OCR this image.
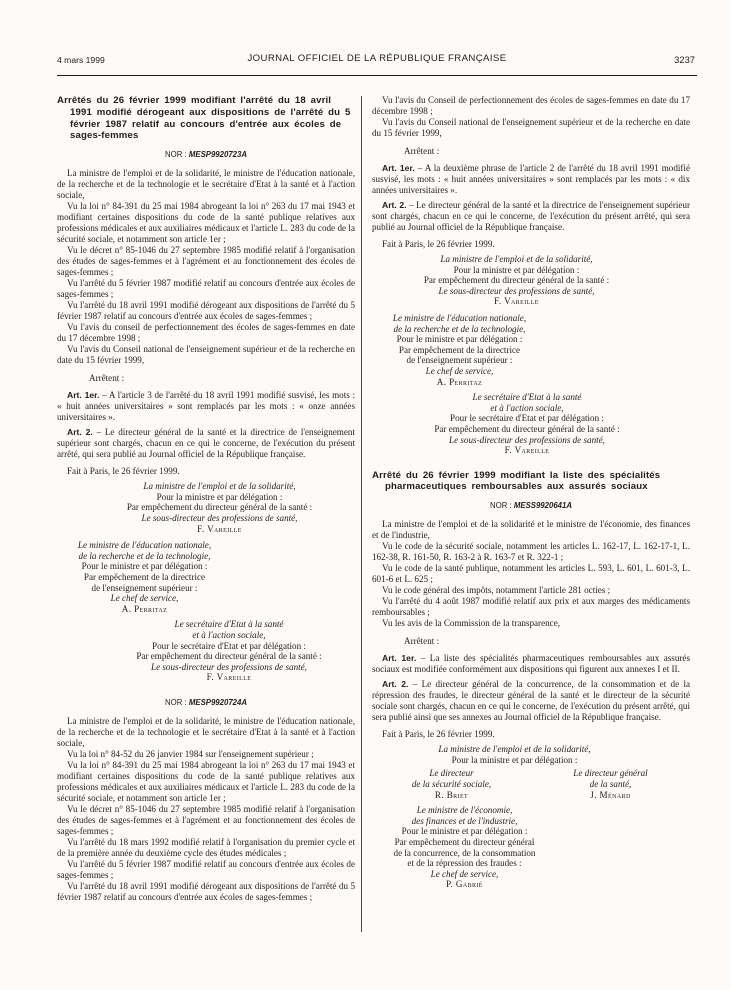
4 mars 1999	JOURNAL OFFICIEL DE LA RÉPUBLIQUE FRANÇAISE	3237
Arrêtés du 26 février 1999 modifiant l'arrêté du 18 avril 1991 modifié dérogeant aux dispositions de l'arrêté du 5 février 1987 relatif au concours d'entrée aux écoles de sages-femmes
NOR : MESP9920723A

La ministre de l'emploi et de la solidarité, le ministre de l'éducation nationale, de la recherche et de la technologie et le secrétaire d'Etat à la santé et à l'action sociale,

Vu la loi n° 84-391 du 25 mai 1984 abrogeant la loi n° 263 du 17 mai 1943 et modifiant certaines dispositions du code de la santé publique relatives aux professions médicales et aux auxiliaires médicaux et l'article L. 283 du code de la sécurité sociale, et notamment son article 1er ;

Vu le décret n° 85-1046 du 27 septembre 1985 modifié relatif à l'organisation des études de sages-femmes et à l'agrément et au fonctionnement des écoles de sages-femmes ;

Vu l'arrêté du 5 février 1987 modifié relatif au concours d'entrée aux écoles de sages-femmes ;

Vu l'arrêté du 18 avril 1991 modifié dérogeant aux dispositions de l'arrêté du 5 février 1987 relatif au concours d'entrée aux écoles de sages-femmes ;

Vu l'avis du conseil de perfectionnement des écoles de sages-femmes en date du 17 décembre 1998 ;

Vu l'avis du Conseil national de l'enseignement supérieur et de la recherche en date du 15 février 1999,

Arrêtent :

Art. 1er. – A l'article 3 de l'arrêté du 18 avril 1991 modifié susvisé, les mots : « huit années universitaires » sont remplacés par les mots : « onze années universitaires ».

Art. 2. – Le directeur général de la santé et la directrice de l'enseignement supérieur sont chargés, chacun en ce qui le concerne, de l'exécution du présent arrêté, qui sera publié au Journal officiel de la République française.

Fait à Paris, le 26 février 1999.

La ministre de l'emploi et de la solidarité,
Pour la ministre et par délégation :
Par empêchement du directeur général de la santé :
Le sous-directeur des professions de santé,
F. Vareille
Le ministre de l'éducation nationale,
de la recherche et de la technologie,
Pour le ministre et par délégation :
Par empêchement de la directrice
de l'enseignement supérieur :
Le chef de service,
A. Perritaz
Le secrétaire d'Etat à la santé
et à l'action sociale,
Pour le secrétaire d'Etat et par délégation :
Par empêchement du directeur général de la santé :
Le sous-directeur des professions de santé,
F. Vareille
NOR : MESP9920724A

La ministre de l'emploi et de la solidarité, le ministre de l'éducation nationale, de la recherche et de la technologie et le secrétaire d'Etat à la santé et à l'action sociale,

Vu la loi n° 84-52 du 26 janvier 1984 sur l'enseignement supérieur ;

Vu la loi n° 84-391 du 25 mai 1984 abrogeant la loi n° 263 du 17 mai 1943 et modifiant certaines dispositions du code de la santé publique relatives aux professions médicales et aux auxiliaires médicaux et l'article L. 283 du code de la sécurité sociale, et notamment son article 1er ;

Vu le décret n° 85-1046 du 27 septembre 1985 modifié relatif à l'organisation des études de sages-femmes et à l'agrément et au fonctionnement des écoles de sages-femmes ;

Vu l'arrêté du 18 mars 1992 modifié relatif à l'organisation du premier cycle et de la première année du deuxième cycle des études médicales ;

Vu l'arrêté du 5 février 1987 modifié relatif au concours d'entrée aux écoles de sages-femmes ;

Vu l'arrêté du 18 avril 1991 modifié dérogeant aux dispositions de l'arrêté du 5 février 1987 relatif au concours d'entrée aux écoles de sages-femmes ;

Vu l'avis du Conseil de perfectionnement des écoles de sages-femmes en date du 17 décembre 1998 ;

Vu l'avis du Conseil national de l'enseignement supérieur et de la recherche en date du 15 février 1999,

Arrêtent :

Art. 1er. – A la deuxième phrase de l'article 2 de l'arrêté du 18 avril 1991 modifié susvisé, les mots : « huit années universitaires » sont remplacés par les mots : « dix années universitaires ».

Art. 2. – Le directeur général de la santé et la directrice de l'enseignement supérieur sont chargés, chacun en ce qui le concerne, de l'exécution du présent arrêté, qui sera publié au Journal officiel de la République française.

Fait à Paris, le 26 février 1999.

La ministre de l'emploi et de la solidarité,
Pour la ministre et par délégation :
Par empêchement du directeur général de la santé :
Le sous-directeur des professions de santé,
F. Vareille
Le ministre de l'éducation nationale,
de la recherche et de la technologie,
Pour le ministre et par délégation :
Par empêchement de la directrice
de l'enseignement supérieur :
Le chef de service,
A. Perritaz
Le secrétaire d'Etat à la santé
et à l'action sociale,
Pour le secrétaire d'Etat et par délégation :
Par empêchement du directeur général de la santé :
Le sous-directeur des professions de santé,
F. Vareille
Arrêté du 26 février 1999 modifiant la liste des spécialités pharmaceutiques remboursables aux assurés sociaux
NOR : MESS9920641A

La ministre de l'emploi et de la solidarité et le ministre de l'économie, des finances et de l'industrie,

Vu le code de la sécurité sociale, notamment les articles L. 162-17, L. 162-17-1, L. 162-38, R. 161-50, R. 163-2 à R. 163-7 et R. 322-1 ;

Vu le code de la santé publique, notamment les articles L. 593, L. 601, L. 601-3, L. 601-6 et L. 625 ;

Vu le code général des impôts, notamment l'article 281 octies ;

Vu l'arrêté du 4 août 1987 modifié relatif aux prix et aux marges des médicaments remboursables ;

Vu les avis de la Commission de la transparence,

Arrêtent :

Art. 1er. – La liste des spécialités pharmaceutiques remboursables aux assurés sociaux est modifiée conformément aux dispositions qui figurent aux annexes I et II.

Art. 2. – Le directeur général de la concurrence, de la consommation et de la répression des fraudes, le directeur général de la santé et le directeur de la sécurité sociale sont chargés, chacun en ce qui le concerne, de l'exécution du présent arrêté, qui sera publié ainsi que ses annexes au Journal officiel de la République française.

Fait à Paris, le 26 février 1999.

La ministre de l'emploi et de la solidarité,
Pour la ministre et par délégation :
Le directeur
de la sécurité sociale,
R. Briet
Le directeur général
de la santé,
J. Ménard
Le ministre de l'économie,
des finances et de l'industrie,
Pour le ministre et par délégation :
Par empêchement du directeur général
de la concurrence, de la consommation
et de la répression des fraudes :
Le chef de service,
P. Gabrié
